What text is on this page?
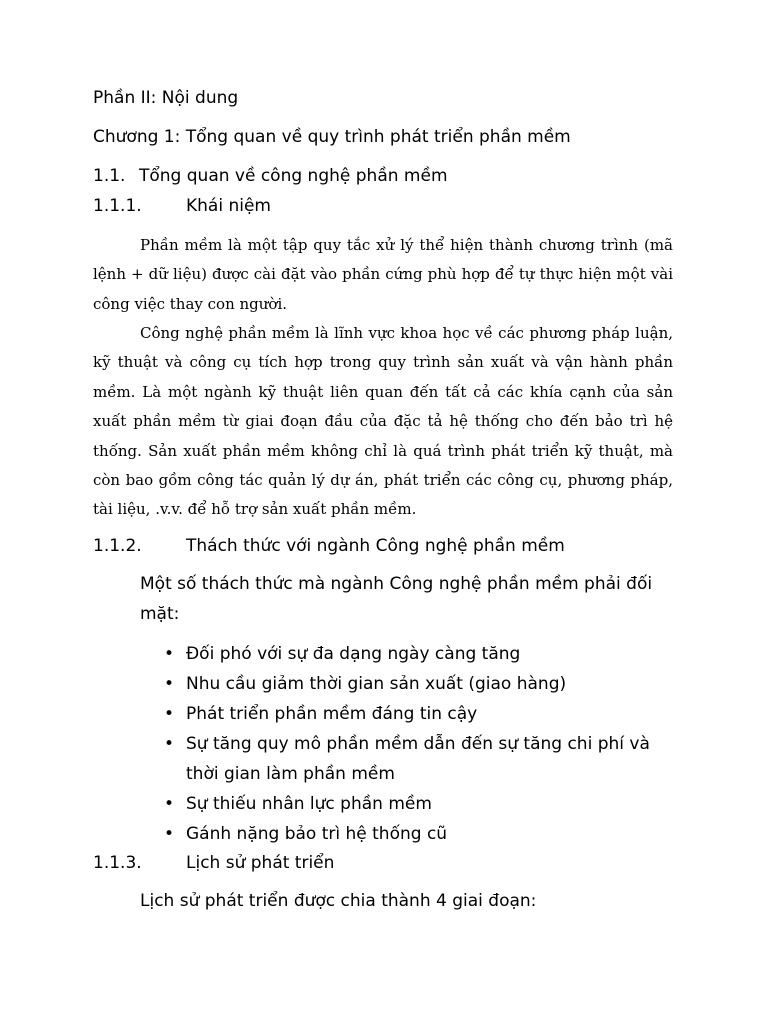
Phần II: Nội dung

Chương 1: Tổng quan về quy trình phát triển phần mềm

1.1. Tổng quan về công nghệ phần mềm
1.1.1.	Khái niệm

Phần mềm là một tập quy tắc xử lý thể hiện thành chương trình (mã lệnh + dữ liệu) được cài đặt vào phần cứng phù hợp để tự thực hiện một vài công việc thay con người.

Công nghệ phần mềm là lĩnh vực khoa học về các phương pháp luận, kỹ thuật và công cụ tích hợp trong quy trình sản xuất và vận hành phần mềm. Là một ngành kỹ thuật liên quan đến tất cả các khía cạnh của sản xuất phần mềm từ giai đoạn đầu của đặc tả hệ thống cho đến bảo trì hệ thống. Sản xuất phần mềm không chỉ là quá trình phát triển kỹ thuật, mà còn bao gồm công tác quản lý dự án, phát triển các công cụ, phương pháp, tài liệu, .v.v. để hỗ trợ sản xuất phần mềm.

1.1.2.	Thách thức với ngành Công nghệ phần mềm

Một số thách thức mà ngành Công nghệ phần mềm phải đối mặt:

• Đối phó với sự đa dạng ngày càng tăng
• Nhu cầu giảm thời gian sản xuất (giao hàng)
• Phát triển phần mềm đáng tin cậy
• Sự tăng quy mô phần mềm dẫn đến sự tăng chi phí và thời gian làm phần mềm
• Sự thiếu nhân lực phần mềm
• Gánh nặng bảo trì hệ thống cũ
1.1.3.	Lịch sử phát triển

Lịch sử phát triển được chia thành 4 giai đoạn:
